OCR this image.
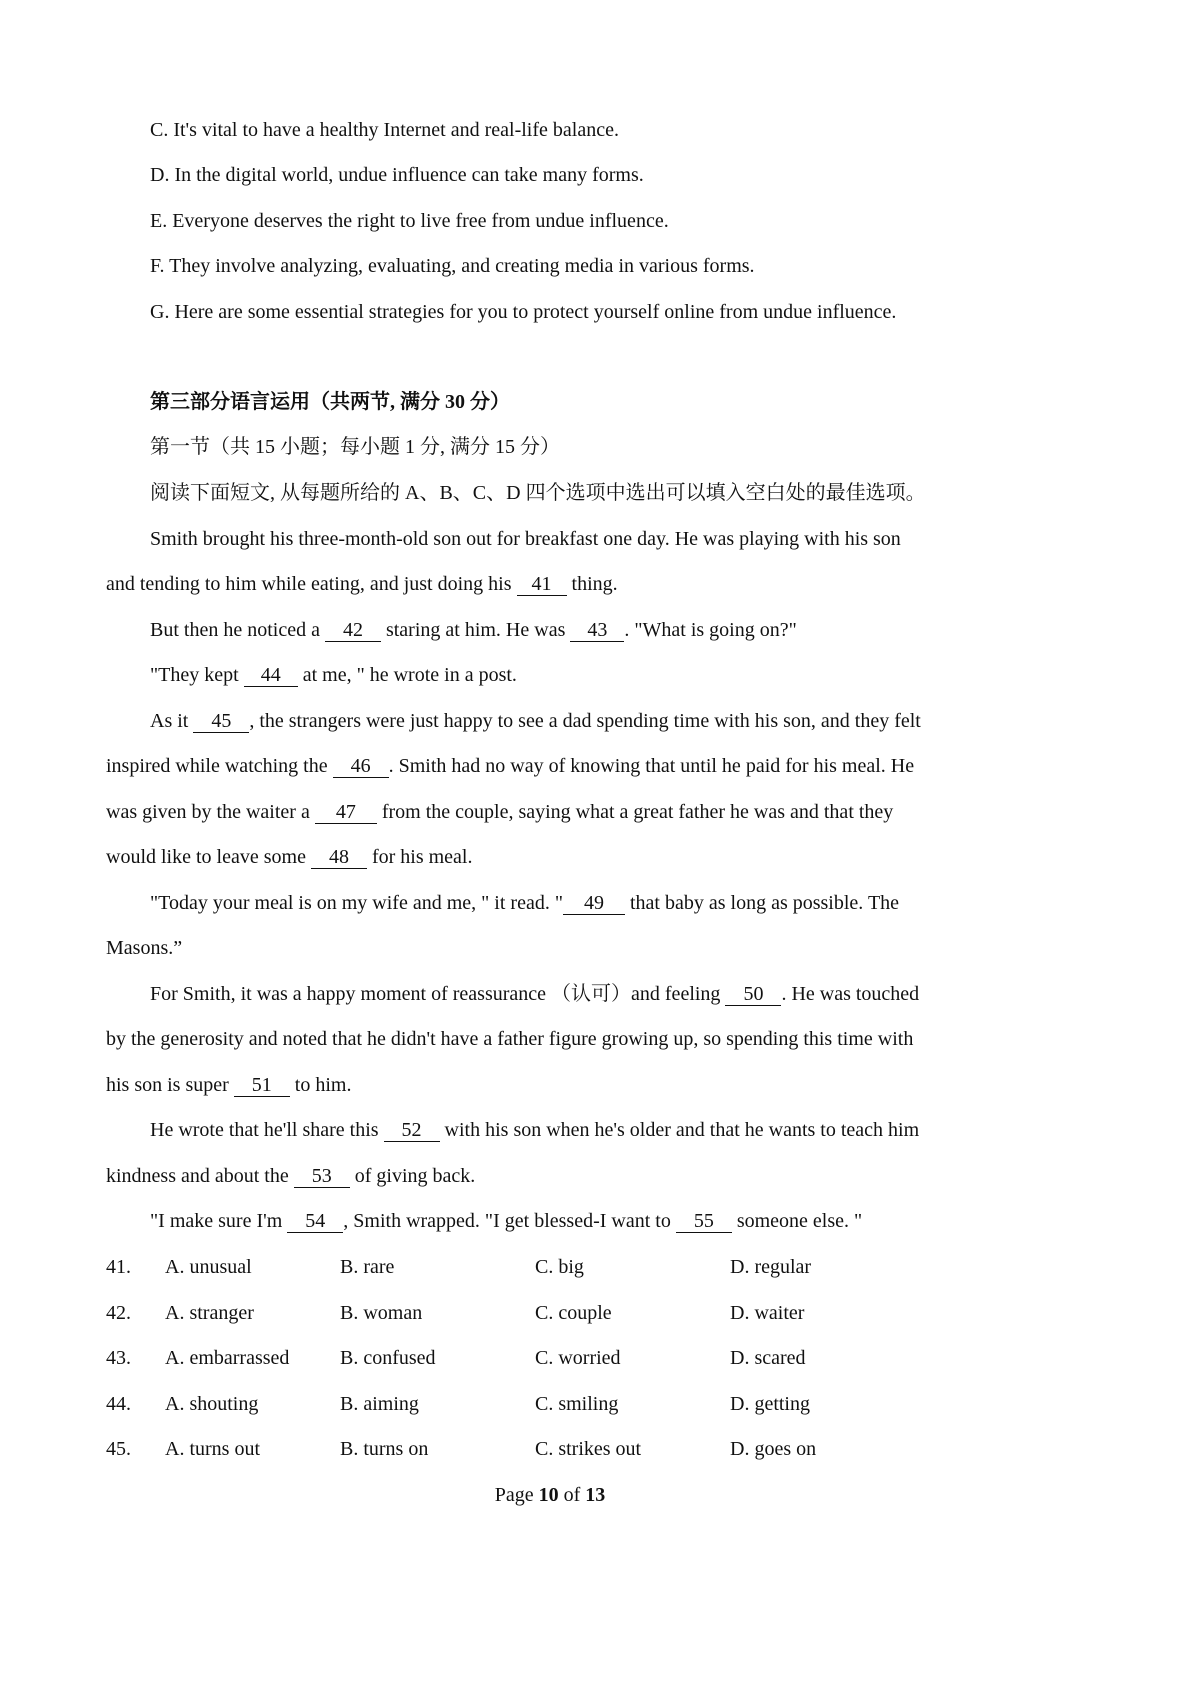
C. It's vital to have a healthy Internet and real-life balance.
D. In the digital world, undue influence can take many forms.
E. Everyone deserves the right to live free from undue influence.
F. They involve analyzing, evaluating, and creating media in various forms.
G. Here are some essential strategies for you to protect yourself online from undue influence.
第三部分语言运用（共两节, 满分 30 分）
第一节（共 15 小题；每小题 1 分, 满分 15 分）
阅读下面短文, 从每题所给的 A、B、C、D 四个选项中选出可以填入空白处的最佳选项。
Smith brought his three-month-old son out for breakfast one day. He was playing with his son
and tending to him while eating, and just doing his 41 thing.
But then he noticed a 42 staring at him. He was 43 . "What is going on?"
"They kept 44 at me, " he wrote in a post.
As it 45 , the strangers were just happy to see a dad spending time with his son, and they felt
inspired while watching the 46 . Smith had no way of knowing that until he paid for his meal. He
was given by the waiter a 47 from the couple, saying what a great father he was and that they
would like to leave some 48 for his meal.
"Today your meal is on my wife and me, " it read. " 49 that baby as long as possible. The
Masons.”
For Smith, it was a happy moment of reassurance （认可）and feeling 50 . He was touched
by the generosity and noted that he didn't have a father figure growing up, so spending this time with
his son is super 51 to him.
He wrote that he'll share this 52 with his son when he's older and that he wants to teach him
kindness and about the 53 of giving back.
"I make sure I'm 54 , Smith wrapped. "I get blessed-I want to 55 someone else. "
41. A. unusual	B. rare	C. big	D. regular
42. A. stranger	B. woman	C. couple	D. waiter
43. A. embarrassed	B. confused	C. worried	D. scared
44. A. shouting	B. aiming	C. smiling	D. getting
45. A. turns out	B. turns on	C. strikes out	D. goes on
Page 10 of 13
